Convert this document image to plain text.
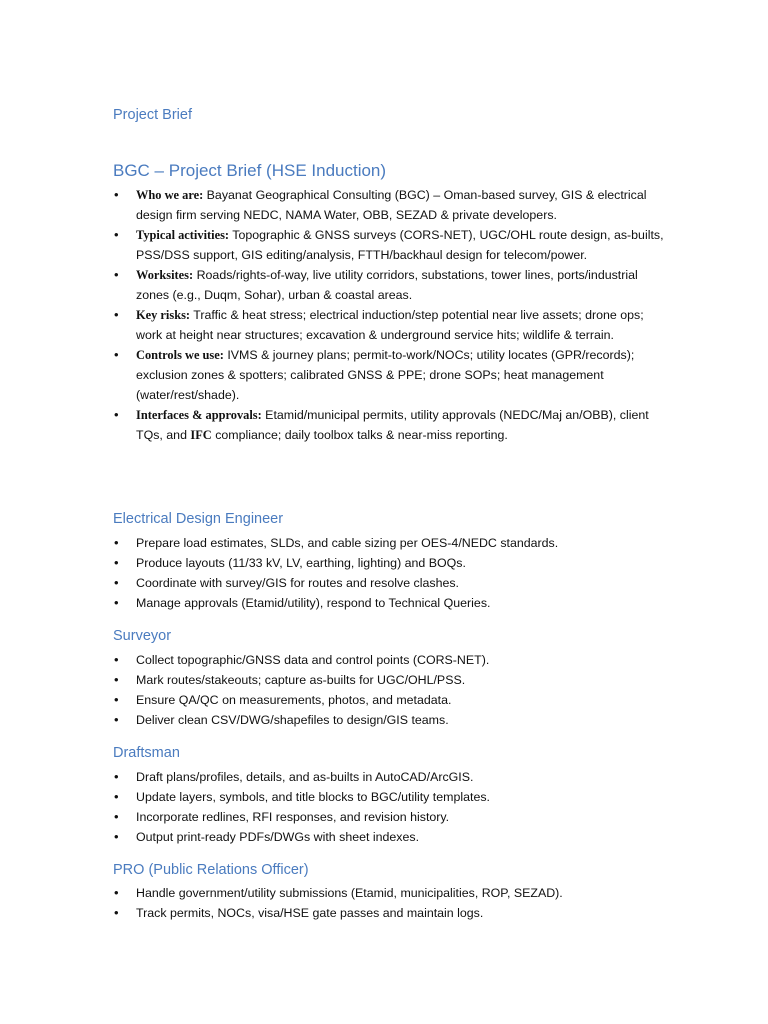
Project Brief
BGC – Project Brief (HSE Induction)
• Who we are: Bayanat Geographical Consulting (BGC) – Oman-based survey, GIS & electrical design firm serving NEDC, NAMA Water, OBB, SEZAD & private developers.
• Typical activities: Topographic & GNSS surveys (CORS-NET), UGC/OHL route design, as-builts, PSS/DSS support, GIS editing/analysis, FTTH/backhaul design for telecom/power.
• Worksites: Roads/rights-of-way, live utility corridors, substations, tower lines, ports/industrial zones (e.g., Duqm, Sohar), urban & coastal areas.
• Key risks: Traffic & heat stress; electrical induction/step potential near live assets; drone ops; work at height near structures; excavation & underground service hits; wildlife & terrain.
• Controls we use: IVMS & journey plans; permit-to-work/NOCs; utility locates (GPR/records); exclusion zones & spotters; calibrated GNSS & PPE; drone SOPs; heat management (water/rest/shade).
• Interfaces & approvals: Etamid/municipal permits, utility approvals (NEDC/Maj an/OBB), client TQs, and IFC compliance; daily toolbox talks & near-miss reporting.
Electrical Design Engineer
• Prepare load estimates, SLDs, and cable sizing per OES-4/NEDC standards.
• Produce layouts (11/33 kV, LV, earthing, lighting) and BOQs.
• Coordinate with survey/GIS for routes and resolve clashes.
• Manage approvals (Etamid/utility), respond to Technical Queries.
Surveyor
• Collect topographic/GNSS data and control points (CORS-NET).
• Mark routes/stakeouts; capture as-builts for UGC/OHL/PSS.
• Ensure QA/QC on measurements, photos, and metadata.
• Deliver clean CSV/DWG/shapefiles to design/GIS teams.
Draftsman
• Draft plans/profiles, details, and as-builts in AutoCAD/ArcGIS.
• Update layers, symbols, and title blocks to BGC/utility templates.
• Incorporate redlines, RFI responses, and revision history.
• Output print-ready PDFs/DWGs with sheet indexes.
PRO (Public Relations Officer)
• Handle government/utility submissions (Etamid, municipalities, ROP, SEZAD).
• Track permits, NOCs, visa/HSE gate passes and maintain logs.
